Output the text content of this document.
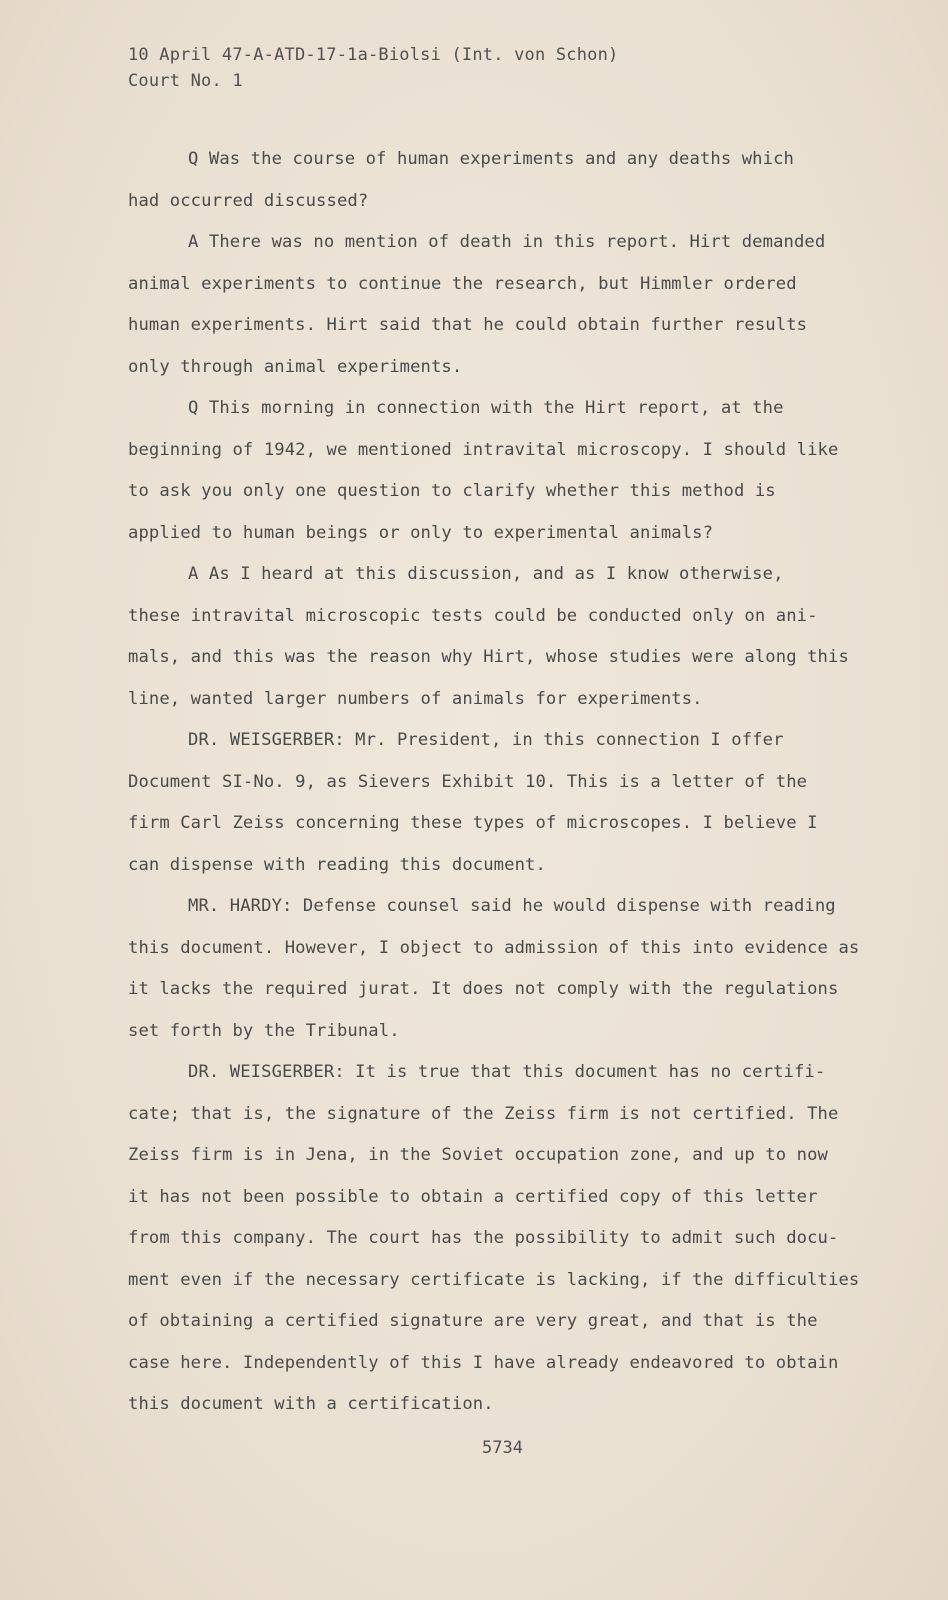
10 April 47-A-ATD-17-1a-Biolsi (Int. von Schon)
Court No. 1
Q Was the course of human experiments and any deaths which
had occurred discussed?
A There was no mention of death in this report. Hirt demanded
animal experiments to continue the research, but Himmler ordered
human experiments. Hirt said that he could obtain further results
only through animal experiments.
Q This morning in connection with the Hirt report, at the
beginning of 1942, we mentioned intravital microscopy. I should like
to ask you only one question to clarify whether this method is
applied to human beings or only to experimental animals?
A As I heard at this discussion, and as I know otherwise,
these intravital microscopic tests could be conducted only on ani-
mals, and this was the reason why Hirt, whose studies were along this
line, wanted larger numbers of animals for experiments.
DR. WEISGERBER: Mr. President, in this connection I offer
Document SI-No. 9, as Sievers Exhibit 10. This is a letter of the
firm Carl Zeiss concerning these types of microscopes. I believe I
can dispense with reading this document.
MR. HARDY: Defense counsel said he would dispense with reading
this document. However, I object to admission of this into evidence as
it lacks the required jurat. It does not comply with the regulations
set forth by the Tribunal.
DR. WEISGERBER: It is true that this document has no certifi-
cate; that is, the signature of the Zeiss firm is not certified. The
Zeiss firm is in Jena, in the Soviet occupation zone, and up to now
it has not been possible to obtain a certified copy of this letter
from this company. The court has the possibility to admit such docu-
ment even if the necessary certificate is lacking, if the difficulties
of obtaining a certified signature are very great, and that is the
case here. Independently of this I have already endeavored to obtain
this document with a certification.
5734
